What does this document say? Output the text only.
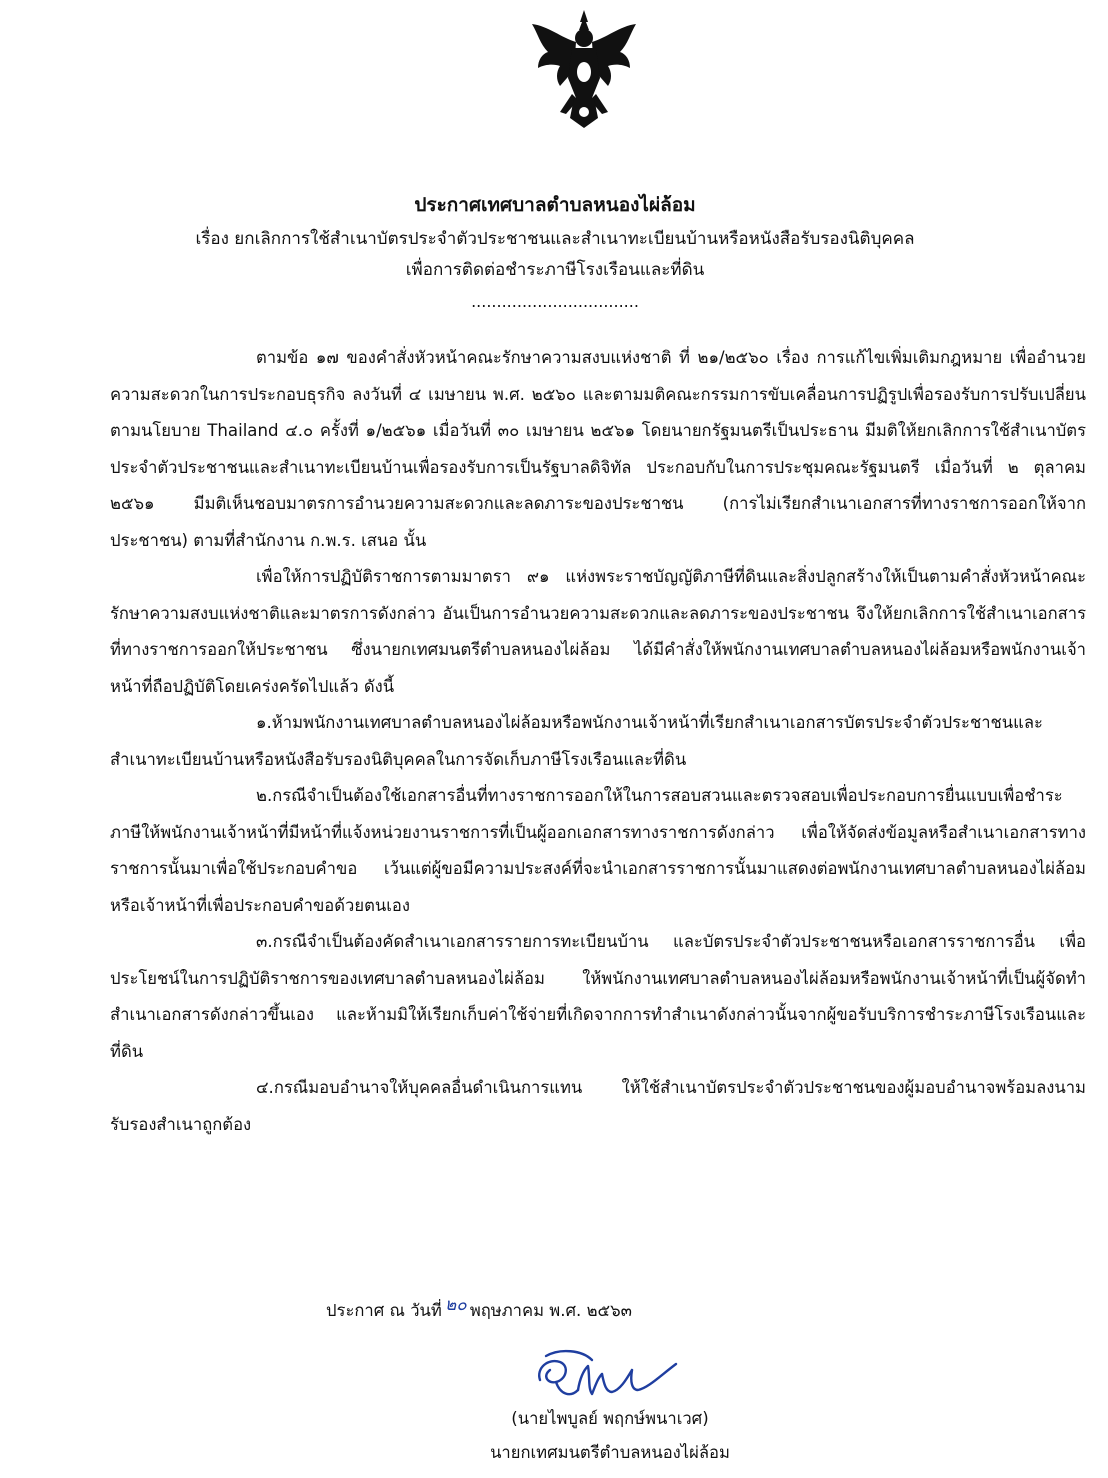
ประกาศเทศบาลตำบลหนองไผ่ล้อม

เรื่อง ยกเลิกการใช้สำเนาบัตรประจำตัวประชาชนและสำเนาทะเบียนบ้านหรือหนังสือรับรองนิติบุคคล

เพื่อการติดต่อชำระภาษีโรงเรือนและที่ดิน

.................................

ตามข้อ ๑๗ ของคำสั่งหัวหน้าคณะรักษาความสงบแห่งชาติ ที่ ๒๑/๒๕๖๐ เรื่อง การแก้ไขเพิ่มเติมกฎหมาย เพื่ออำนวยความสะดวกในการประกอบธุรกิจ ลงวันที่ ๔ เมษายน พ.ศ. ๒๕๖๐ และตามมติคณะกรรมการขับเคลื่อนการปฏิรูปเพื่อรองรับการปรับเปลี่ยนตามนโยบาย Thailand ๔.๐ ครั้งที่ ๑/๒๕๖๑ เมื่อวันที่ ๓๐ เมษายน ๒๕๖๑ โดยนายกรัฐมนตรีเป็นประธาน มีมติให้ยกเลิกการใช้สำเนาบัตรประจำตัวประชาชนและสำเนาทะเบียนบ้านเพื่อรองรับการเป็นรัฐบาลดิจิทัล ประกอบกับในการประชุมคณะรัฐมนตรี เมื่อวันที่ ๒ ตุลาคม ๒๕๖๑ มีมติเห็นชอบมาตรการอำนวยความสะดวกและลดภาระของประชาชน (การไม่เรียกสำเนาเอกสารที่ทางราชการออกให้จากประชาชน) ตามที่สำนักงาน ก.พ.ร. เสนอ นั้น

เพื่อให้การปฏิบัติราชการตามมาตรา ๙๑ แห่งพระราชบัญญัติภาษีที่ดินและสิ่งปลูกสร้างให้เป็นตามคำสั่งหัวหน้าคณะรักษาความสงบแห่งชาติและมาตรการดังกล่าว อันเป็นการอำนวยความสะดวกและลดภาระของประชาชน จึงให้ยกเลิกการใช้สำเนาเอกสารที่ทางราชการออกให้ประชาชน ซึ่งนายกเทศมนตรีตำบลหนองไผ่ล้อม ได้มีคำสั่งให้พนักงานเทศบาลตำบลหนองไผ่ล้อมหรือพนักงานเจ้าหน้าที่ถือปฏิบัติโดยเคร่งครัดไปแล้ว ดังนี้

๑.ห้ามพนักงานเทศบาลตำบลหนองไผ่ล้อมหรือพนักงานเจ้าหน้าที่เรียกสำเนาเอกสารบัตรประจำตัวประชาชนและสำเนาทะเบียนบ้านหรือหนังสือรับรองนิติบุคคลในการจัดเก็บภาษีโรงเรือนและที่ดิน

๒.กรณีจำเป็นต้องใช้เอกสารอื่นที่ทางราชการออกให้ในการสอบสวนและตรวจสอบเพื่อประกอบการยื่นแบบเพื่อชำระภาษีให้พนักงานเจ้าหน้าที่มีหน้าที่แจ้งหน่วยงานราชการที่เป็นผู้ออกเอกสารทางราชการดังกล่าว เพื่อให้จัดส่งข้อมูลหรือสำเนาเอกสารทางราชการนั้นมาเพื่อใช้ประกอบคำขอ เว้นแต่ผู้ขอมีความประสงค์ที่จะนำเอกสารราชการนั้นมาแสดงต่อพนักงานเทศบาลตำบลหนองไผ่ล้อมหรือเจ้าหน้าที่เพื่อประกอบคำขอด้วยตนเอง

๓.กรณีจำเป็นต้องคัดสำเนาเอกสารรายการทะเบียนบ้าน และบัตรประจำตัวประชาชนหรือเอกสารราชการอื่น เพื่อประโยชน์ในการปฏิบัติราชการของเทศบาลตำบลหนองไผ่ล้อม ให้พนักงานเทศบาลตำบลหนองไผ่ล้อมหรือพนักงานเจ้าหน้าที่เป็นผู้จัดทำสำเนาเอกสารดังกล่าวขึ้นเอง และห้ามมิให้เรียกเก็บค่าใช้จ่ายที่เกิดจากการทำสำเนาดังกล่าวนั้นจากผู้ขอรับบริการชำระภาษีโรงเรือนและที่ดิน

๔.กรณีมอบอำนาจให้บุคคลอื่นดำเนินการแทน ให้ใช้สำเนาบัตรประจำตัวประชาชนของผู้มอบอำนาจพร้อมลงนามรับรองสำเนาถูกต้อง

ประกาศ ณ วันที่ ๒๐ พฤษภาคม พ.ศ. ๒๕๖๓
(นายไพบูลย์ พฤกษ์พนาเวศ)
นายกเทศมนตรีตำบลหนองไผ่ล้อม
